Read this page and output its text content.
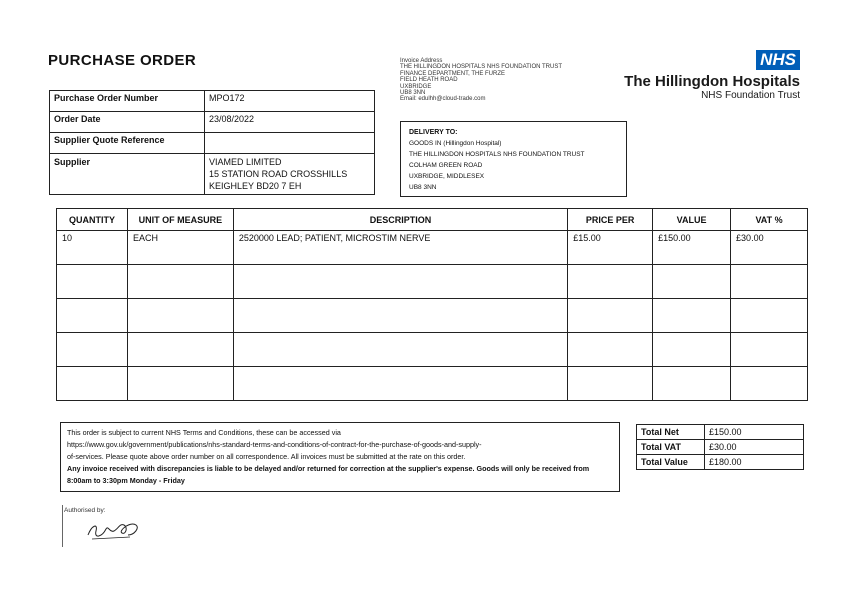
PURCHASE ORDER	Invoice Address
THE HILLINGDON HOSPITALS NHS FOUNDATION TRUST
FINANCE DEPARTMENT, THE FURZE
FIELD HEATH ROAD
UXBRIDGE
UB8 3NN
Email: edulhh@cloud-trade.com
NHS
The Hillingdon Hospitals
NHS Foundation Trust
Purchase Order Number	MPO172
Order Date	23/08/2022
Supplier Quote Reference	
Supplier	VIAMED LIMITED
15 STATION ROAD CROSSHILLS
KEIGHLEY BD20 7 EH
DELIVERY TO:
GOODS IN (Hillingdon Hospital)
THE HILLINGDON HOSPITALS NHS FOUNDATION TRUST
COLHAM GREEN ROAD
UXBRIDGE, MIDDLESEX
UB8 3NN
QUANTITY	UNIT OF MEASURE	DESCRIPTION	PRICE PER	VALUE	VAT %
10	EACH	2520000 LEAD; PATIENT, MICROSTIM NERVE	£15.00	£150.00	£30.00

This order is subject to current NHS Terms and Conditions, these can be accessed via
https://www.gov.uk/government/publications/nhs-standard-terms-and-conditions-of-contract-for-the-purchase-of-goods-and-supply-
of-services. Please quote above order number on all correspondence. All invoices must be submitted at the rate on this order.
Any invoice received with discrepancies is liable to be delayed and/or returned for correction at the supplier's expense. Goods will only be received from 8:00am to 3:30pm Monday - Friday
Total Net	£150.00
Total VAT	£30.00
Total Value	£180.00
Authorised by:
